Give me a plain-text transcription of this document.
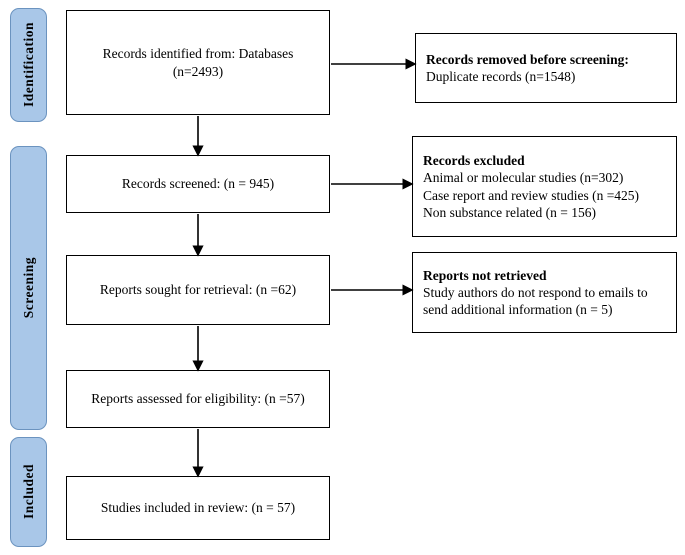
Identification
Screening
Included
Records identified from: Databases
(n=2493)
Records screened: (n = 945)
Reports sought for retrieval: (n =62)
Reports assessed for eligibility: (n =57)
Studies included in review: (n = 57)
Records removed before screening:
Duplicate records (n=1548)
Records excluded
Animal or molecular studies (n=302)
Case report and review studies (n =425)
Non substance related (n = 156)
Reports not retrieved
Study authors do not respond to emails to send additional information (n = 5)
